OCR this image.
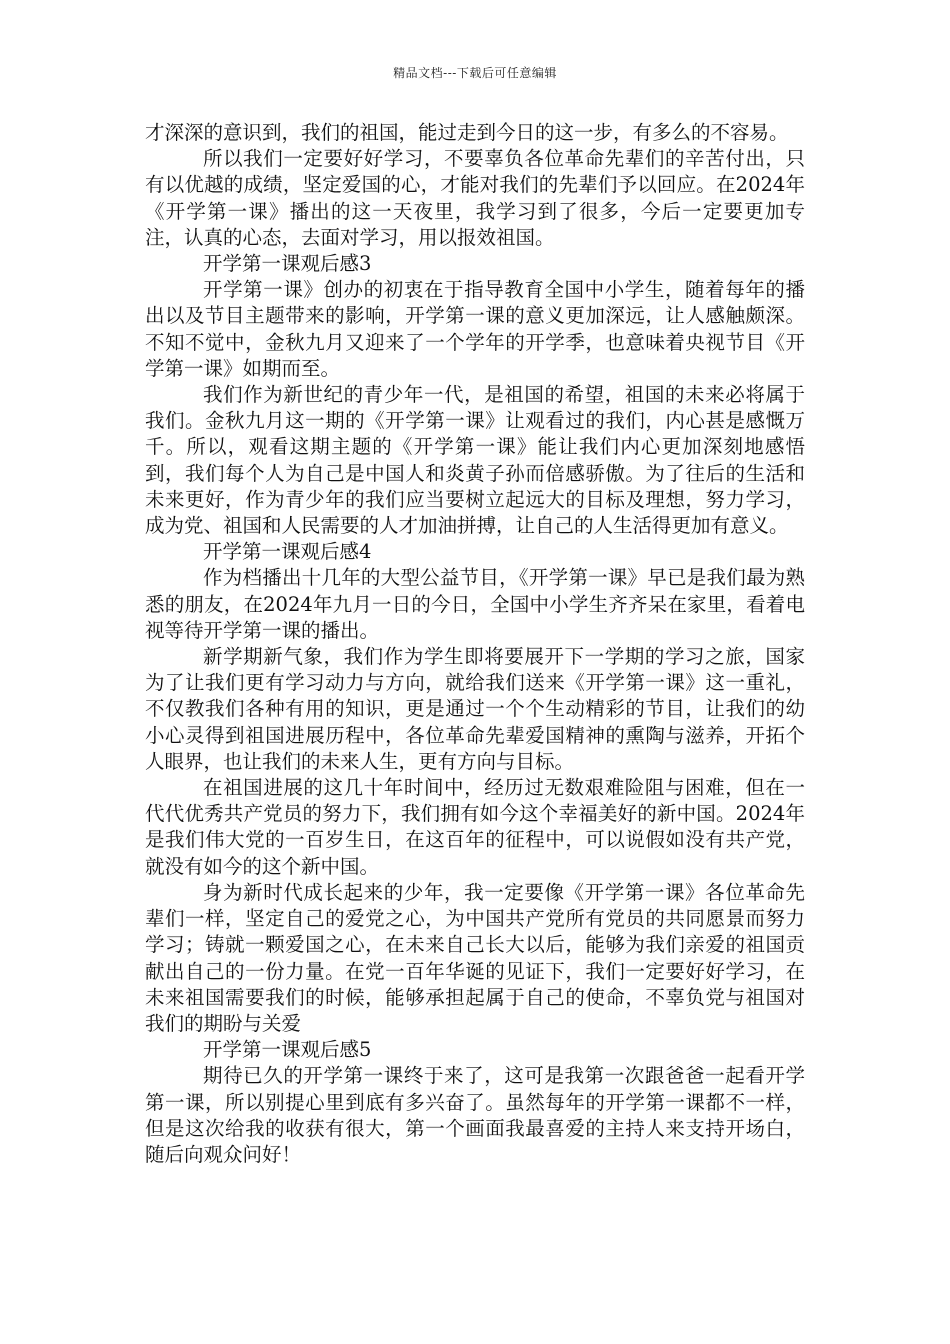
精品文档---下载后可任意编辑

才深深的意识到，我们的祖国，能过走到今日的这一步，有多么的不容易。

所以我们一定要好好学习，不要辜负各位革命先辈们的辛苦付出，只有以优越的成绩，坚定爱国的心，才能对我们的先辈们予以回应。在2024年《开学第一课》播出的这一天夜里，我学习到了很多，今后一定要更加专注，认真的心态，去面对学习，用以报效祖国。

开学第一课观后感3

开学第一课》创办的初衷在于指导教育全国中小学生，随着每年的播出以及节目主题带来的影响，开学第一课的意义更加深远，让人感触颇深。不知不觉中，金秋九月又迎来了一个学年的开学季，也意味着央视节目《开学第一课》如期而至。

我们作为新世纪的青少年一代，是祖国的希望，祖国的未来必将属于我们。金秋九月这一期的《开学第一课》让观看过的我们，内心甚是感慨万千。所以，观看这期主题的《开学第一课》能让我们内心更加深刻地感悟到，我们每个人为自己是中国人和炎黄子孙而倍感骄傲。为了往后的生活和未来更好，作为青少年的我们应当要树立起远大的目标及理想，努力学习，成为党、祖国和人民需要的人才加油拼搏，让自己的人生活得更加有意义。

开学第一课观后感4

作为档播出十几年的大型公益节目，《开学第一课》早已是我们最为熟悉的朋友，在2024年九月一日的今日，全国中小学生齐齐呆在家里，看着电视等待开学第一课的播出。

新学期新气象，我们作为学生即将要展开下一学期的学习之旅，国家为了让我们更有学习动力与方向，就给我们送来《开学第一课》这一重礼，不仅教我们各种有用的知识，更是通过一个个生动精彩的节目，让我们的幼小心灵得到祖国进展历程中，各位革命先辈爱国精神的熏陶与滋养，开拓个人眼界，也让我们的未来人生，更有方向与目标。

在祖国进展的这几十年时间中，经历过无数艰难险阻与困难，但在一代代优秀共产党员的努力下，我们拥有如今这个幸福美好的新中国。2024年是我们伟大党的一百岁生日，在这百年的征程中，可以说假如没有共产党，就没有如今的这个新中国。

身为新时代成长起来的少年，我一定要像《开学第一课》各位革命先辈们一样，坚定自己的爱党之心，为中国共产党所有党员的共同愿景而努力学习；铸就一颗爱国之心，在未来自己长大以后，能够为我们亲爱的祖国贡献出自己的一份力量。在党一百年华诞的见证下，我们一定要好好学习，在未来祖国需要我们的时候，能够承担起属于自己的使命，不辜负党与祖国对我们的期盼与关爱

开学第一课观后感5

期待已久的开学第一课终于来了，这可是我第一次跟爸爸一起看开学第一课，所以别提心里到底有多兴奋了。虽然每年的开学第一课都不一样，但是这次给我的收获有很大，第一个画面我最喜爱的主持人来支持开场白，随后向观众问好！
